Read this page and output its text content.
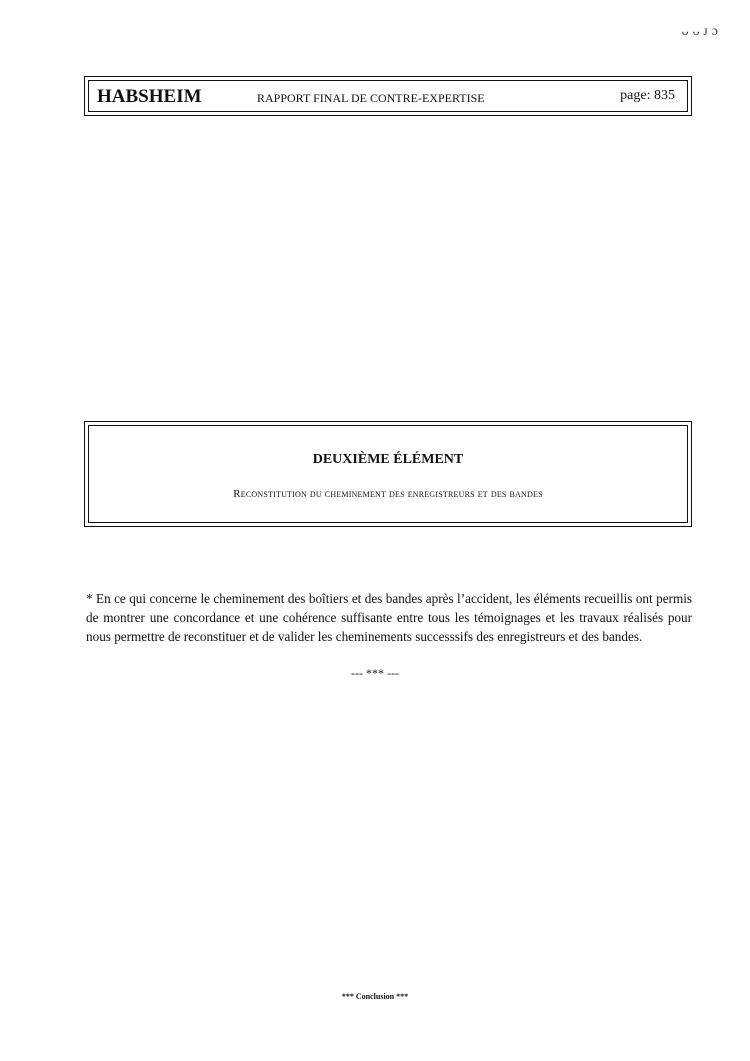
ᴗᴗᴊɔ
HABSHEIM	RAPPORT FINAL DE CONTRE-EXPERTISE	page: 835
DEUXIÈME ÉLÉMENT
Reconstitution du cheminement des enregistreurs et des bandes

* En ce qui concerne le cheminement des boîtiers et des bandes après l’accident, les éléments recueillis ont permis de montrer une concordance et une cohérence suffisante entre tous les témoignages et les travaux réalisés pour nous permettre de reconstituer et de valider les cheminements successsifs des enregistreurs et des bandes.

--- *** ---
*** Conclusion ***
